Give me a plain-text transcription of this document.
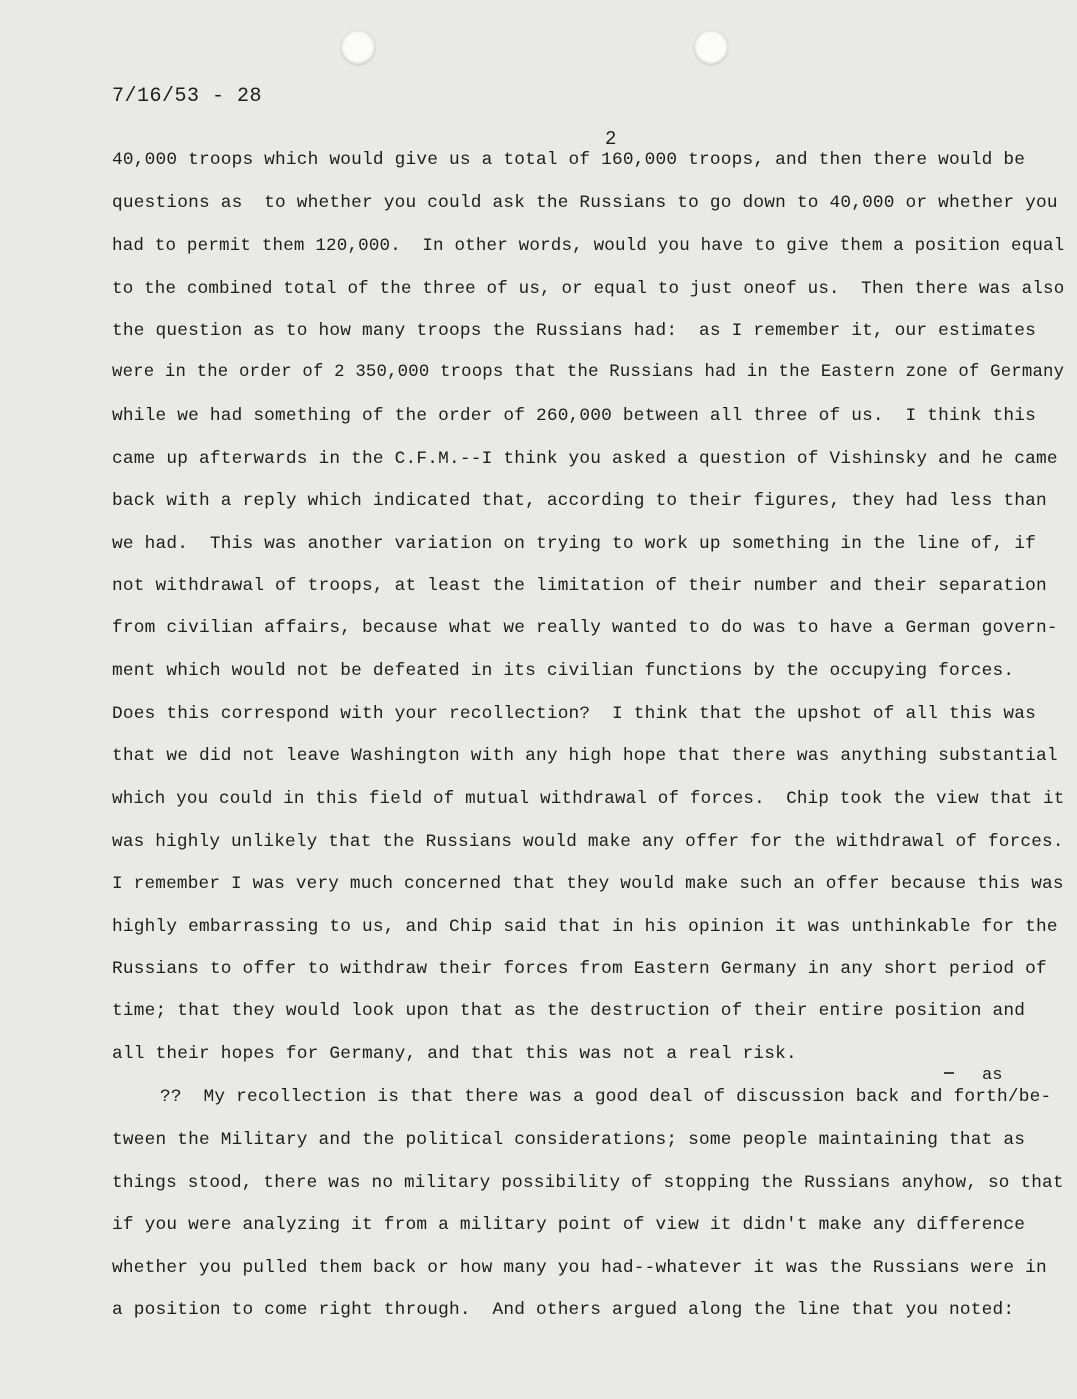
7/16/53 - 28
2
40,000 troops which would give us a total of 160,000 troops, and then there would be
questions as  to whether you could ask the Russians to go down to 40,000 or whether you
had to permit them 120,000.  In other words, would you have to give them a position equal
to the combined total of the three of us, or equal to just oneof us.  Then there was also
the question as to how many troops the Russians had:  as I remember it, our estimates
were in the order of 2 350,000 troops that the Russians had in the Eastern zone of Germany
while we had something of the order of 260,000 between all three of us.  I think this
came up afterwards in the C.F.M.--I think you asked a question of Vishinsky and he came
back with a reply which indicated that, according to their figures, they had less than
we had.  This was another variation on trying to work up something in the line of, if
not withdrawal of troops, at least the limitation of their number and their separation
from civilian affairs, because what we really wanted to do was to have a German govern-
ment which would not be defeated in its civilian functions by the occupying forces.
Does this correspond with your recollection?  I think that the upshot of all this was
that we did not leave Washington with any high hope that there was anything substantial
which you could in this field of mutual withdrawal of forces.  Chip took the view that it
was highly unlikely that the Russians would make any offer for the withdrawal of forces.
I remember I was very much concerned that they would make such an offer because this was
highly embarrassing to us, and Chip said that in his opinion it was unthinkable for the
Russians to offer to withdraw their forces from Eastern Germany in any short period of
time; that they would look upon that as the destruction of their entire position and
all their hopes for Germany, and that this was not a real risk.
as
??  My recollection is that there was a good deal of discussion back and forth/be-
tween the Military and the political considerations; some people maintaining that as
things stood, there was no military possibility of stopping the Russians anyhow, so that
if you were analyzing it from a military point of view it didn't make any difference
whether you pulled them back or how many you had--whatever it was the Russians were in
a position to come right through.  And others argued along the line that you noted:
